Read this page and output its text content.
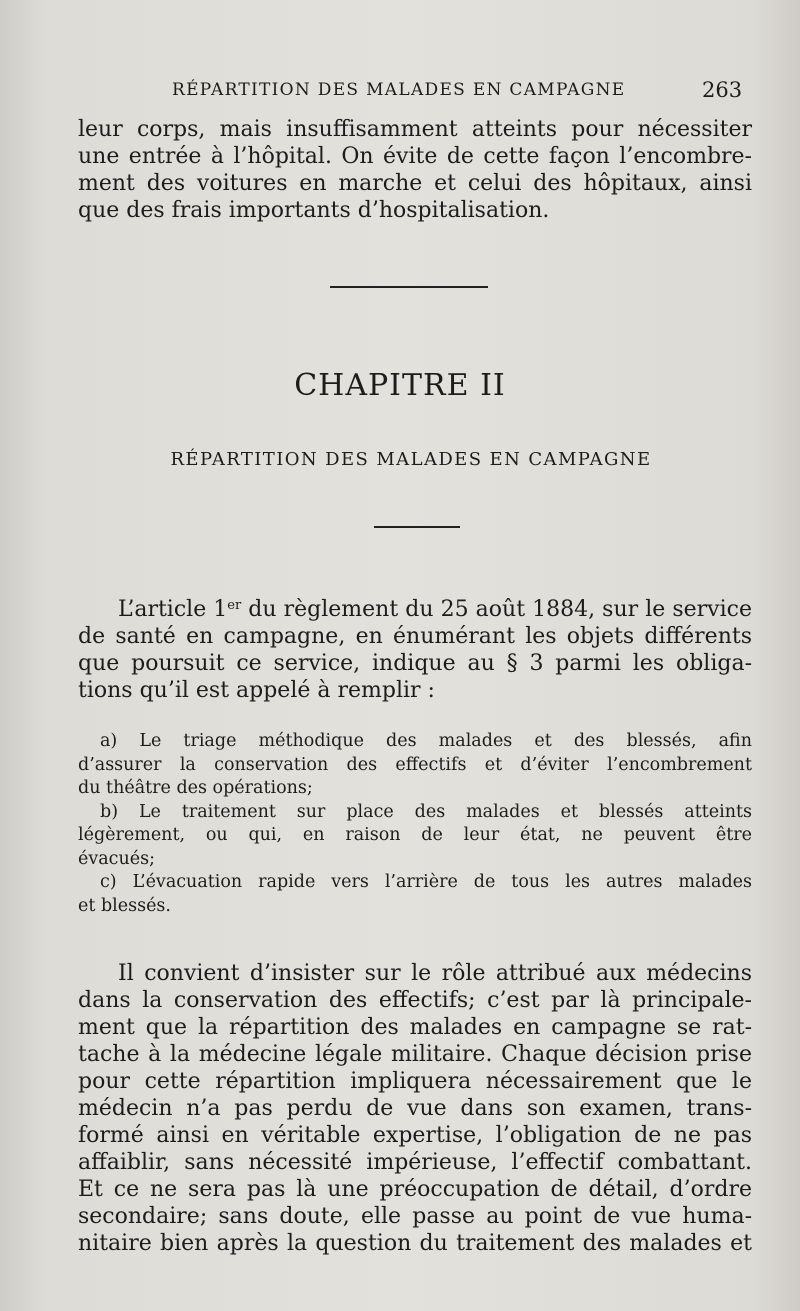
RÉPARTITION DES MALADES EN CAMPAGNE	263
leur corps, mais insuffisamment atteints pour nécessiter
une entrée à l’hôpital. On évite de cette façon l’encombre-
ment des voitures en marche et celui des hôpitaux, ainsi
que des frais importants d’hospitalisation.
CHAPITRE II
RÉPARTITION DES MALADES EN CAMPAGNE
L’article 1er du règlement du 25 août 1884, sur le service
de santé en campagne, en énumérant les objets différents
que poursuit ce service, indique au § 3 parmi les obliga-
tions qu’il est appelé à remplir :
a) Le triage méthodique des malades et des blessés, afin
d’assurer la conservation des effectifs et d’éviter l’encombrement
du théâtre des opérations;
b) Le traitement sur place des malades et blessés atteints
légèrement, ou qui, en raison de leur état, ne peuvent être
évacués;
c) L’évacuation rapide vers l’arrière de tous les autres malades
et blessés.
Il convient d’insister sur le rôle attribué aux médecins
dans la conservation des effectifs; c’est par là principale-
ment que la répartition des malades en campagne se rat-
tache à la médecine légale militaire. Chaque décision prise
pour cette répartition impliquera nécessairement que le
médecin n’a pas perdu de vue dans son examen, trans-
formé ainsi en véritable expertise, l’obligation de ne pas
affaiblir, sans nécessité impérieuse, l’effectif combattant.
Et ce ne sera pas là une préoccupation de détail, d’ordre
secondaire; sans doute, elle passe au point de vue huma-
nitaire bien après la question du traitement des malades et
